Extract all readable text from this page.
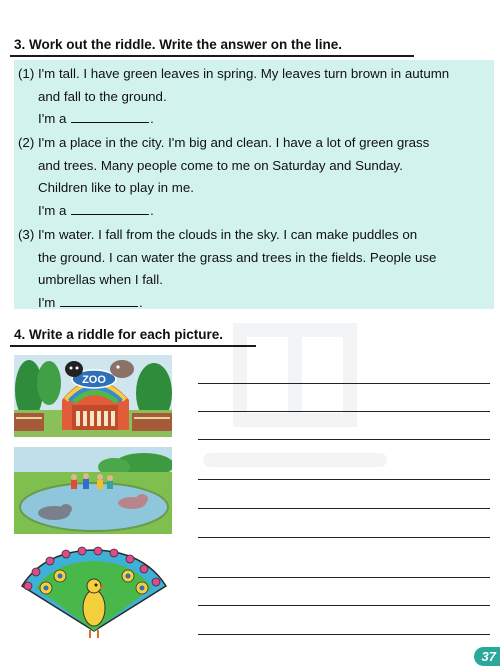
3. Work out the riddle. Write the answer on the line.
(1) I'm tall. I have green leaves in spring. My leaves turn brown in autumn
and fall to the ground.
I'm a	.
(2) I'm a place in the city. I'm big and clean. I have a lot of green grass
and trees. Many people come to me on Saturday and Sunday.
Children like to play in me.
I'm a	.
(3) I'm water. I fall from the clouds in the sky. I can make puddles on
the ground. I can water the grass and trees in the fields. People use
umbrellas when I fall.
I'm	.
4. Write a riddle for each picture.
ZOO
37
